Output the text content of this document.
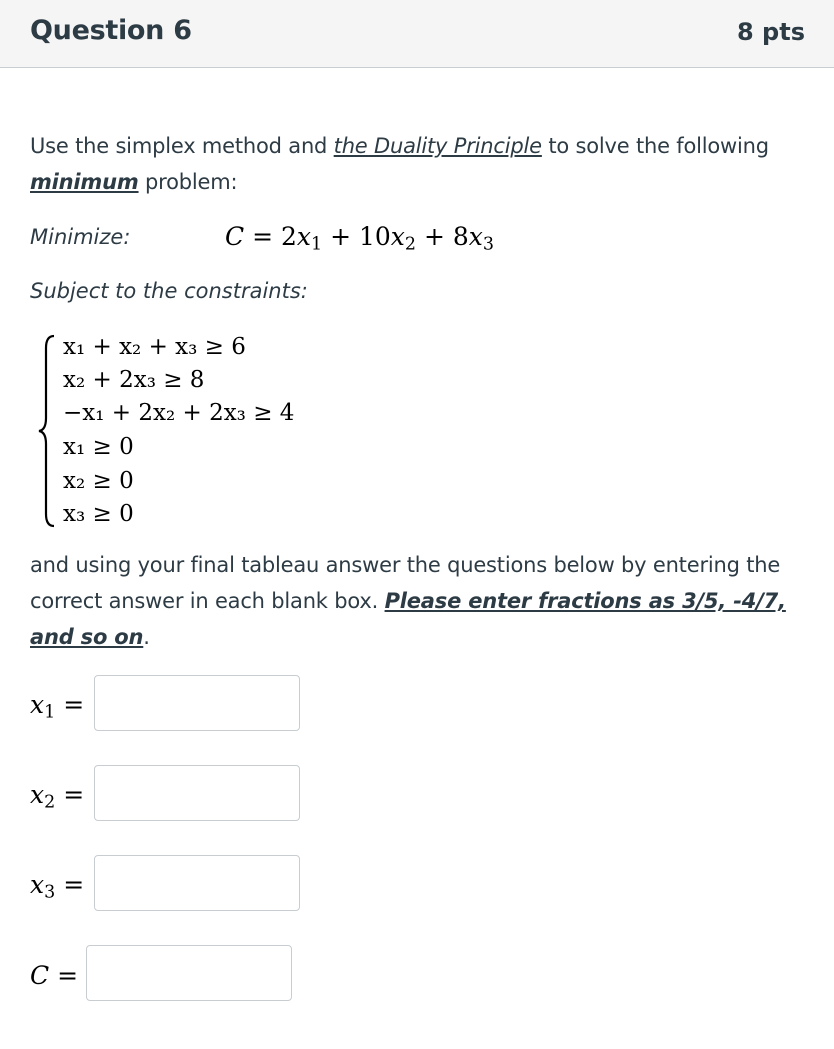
Question 6	8 pts
Use the simplex method and the Duality Principle to solve the following minimum problem:
Minimize:	$C = 2x_1 + 10x_2 + 8x_3$
Subject to the constraints:
x₁ + x₂ + x₃ ≥ 6
x₂ + 2x₃ ≥ 8
−x₁ + 2x₂ + 2x₃ ≥ 4
x₁ ≥ 0
x₂ ≥ 0
x₃ ≥ 0
and using your final tableau answer the questions below by entering the correct answer in each blank box. Please enter fractions as 3/5, -4/7, and so on.
$x_1$ =
$x_2$ =
$x_3$ =
C =
